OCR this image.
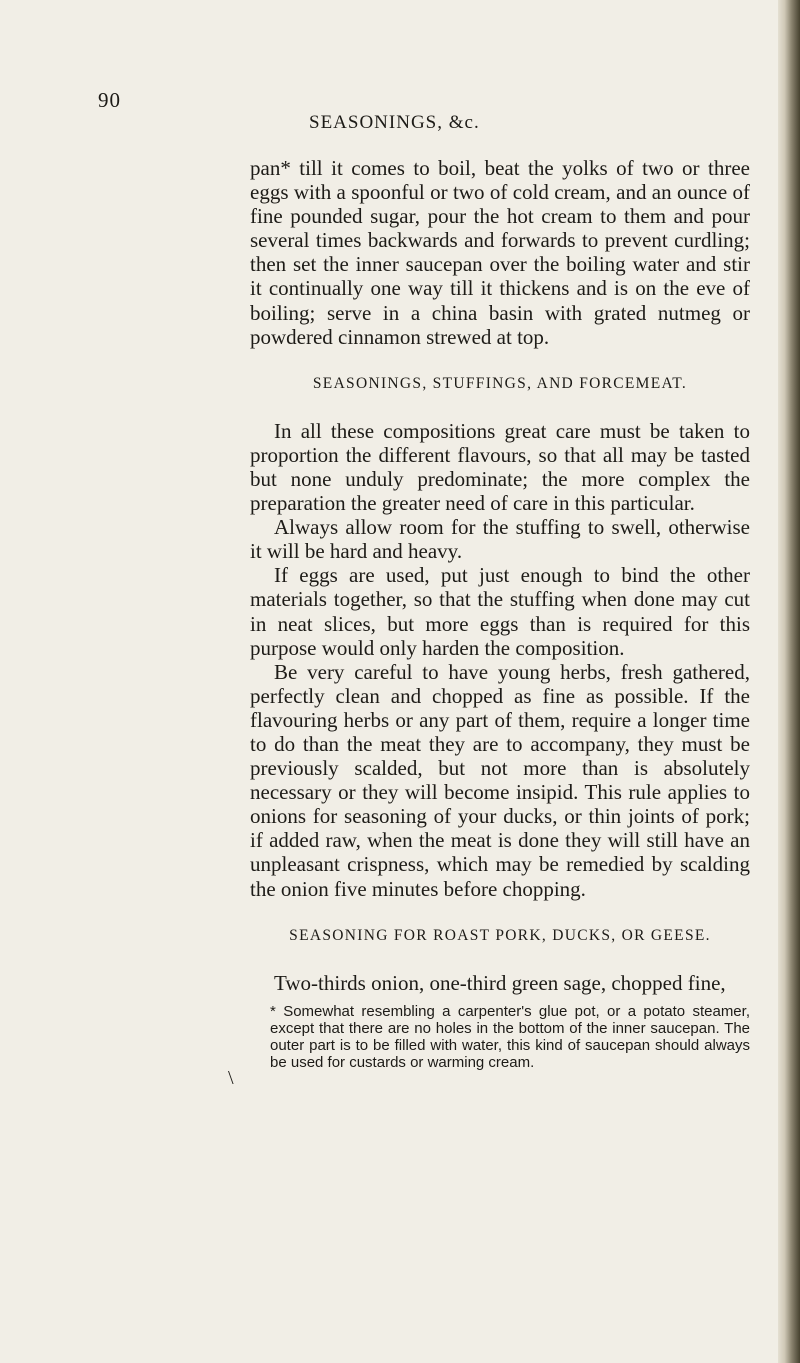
90
SEASONINGS, &c.

pan* till it comes to boil, beat the yolks of two or three eggs with a spoonful or two of cold cream, and an ounce of fine pounded sugar, pour the hot cream to them and pour several times backwards and forwards to prevent curdling; then set the inner saucepan over the boiling water and stir it continually one way till it thickens and is on the eve of boiling; serve in a china basin with grated nutmeg or powdered cinnamon strewed at top.

SEASONINGS, STUFFINGS, AND FORCEMEAT.

In all these compositions great care must be taken to proportion the different flavours, so that all may be tasted but none unduly predominate; the more complex the preparation the greater need of care in this particular.

Always allow room for the stuffing to swell, otherwise it will be hard and heavy.

If eggs are used, put just enough to bind the other materials together, so that the stuffing when done may cut in neat slices, but more eggs than is required for this purpose would only harden the composition.

Be very careful to have young herbs, fresh gathered, perfectly clean and chopped as fine as possible. If the flavouring herbs or any part of them, require a longer time to do than the meat they are to accompany, they must be previously scalded, but not more than is absolutely necessary or they will become insipid. This rule applies to onions for seasoning of your ducks, or thin joints of pork; if added raw, when the meat is done they will still have an unpleasant crispness, which may be remedied by scalding the onion five minutes before chopping.

SEASONING FOR ROAST PORK, DUCKS, OR GEESE.

Two-thirds onion, one-third green sage, chopped fine,

* Somewhat resembling a carpenter's glue pot, or a potato steamer, except that there are no holes in the bottom of the inner saucepan. The outer part is to be filled with water, this kind of saucepan should always be used for custards or warming cream.
\
